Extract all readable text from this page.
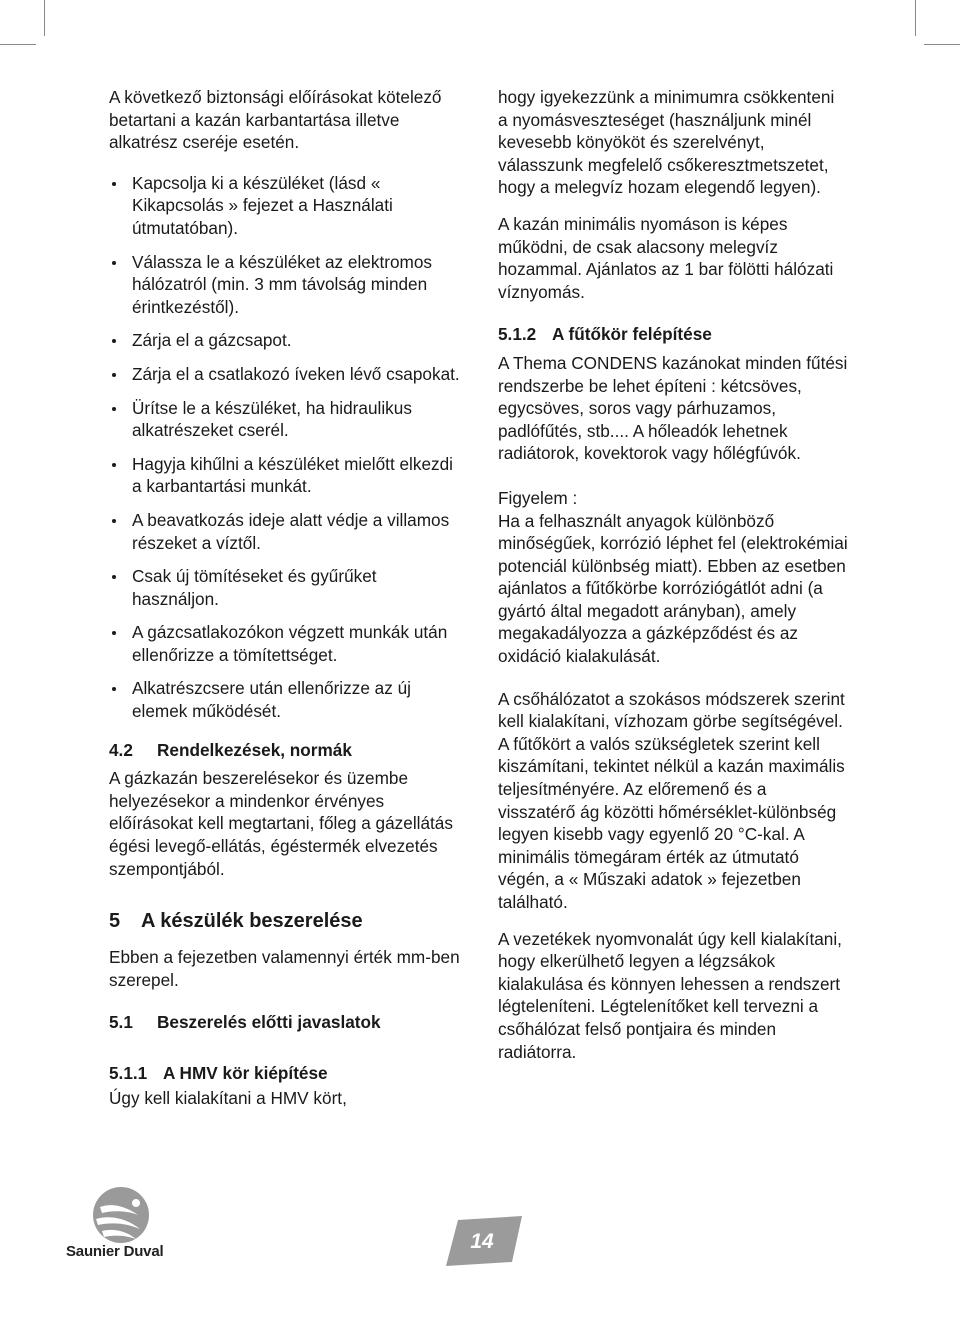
A következő biztonsági előírásokat kötelező betartani a kazán karbantartása illetve alkatrész cseréje esetén.

Kapcsolja ki a készüléket (lásd « Kikapcsolás » fejezet a Használati útmutatóban).
Válassza le a készüléket az elektromos hálózatról (min. 3 mm távolság minden érintkezéstől).
Zárja el a gázcsapot.
Zárja el a csatlakozó íveken lévő csapokat.
Ürítse le a készüléket, ha hidraulikus alkatrészeket cserél.
Hagyja kihűlni a készüléket mielőtt elkezdi a karbantartási munkát.
A beavatkozás ideje alatt védje a villamos részeket a víztől.
Csak új tömítéseket és gyűrűket használjon.
A gázcsatlakozókon végzett munkák után ellenőrizze a tömítettséget.
Alkatrészcsere után ellenőrizze az új elemek működését.
4.2	Rendelkezések, normák

A gázkazán beszerelésekor és üzembe helyezésekor a mindenkor érvényes előírásokat kell megtartani, főleg a gázellátás égési levegő-ellátás, égéstermék elvezetés szempontjából.

5	A készülék beszerelése

Ebben a fejezetben valamennyi érték mm-ben szerepel.

5.1	Beszerelés előtti javaslatok
5.1.1 A HMV kör kiépítése

Úgy kell kialakítani a HMV kört,

hogy igyekezzünk a minimumra csökkenteni a nyomásveszteséget (használjunk minél kevesebb könyököt és szerelvényt, válasszunk megfelelő csőkeresztmetszetet, hogy a melegvíz hozam elegendő legyen).

A kazán minimális nyomáson is képes működni, de csak alacsony melegvíz hozammal. Ajánlatos az 1 bar fölötti hálózati víznyomás.

5.1.2 A fűtőkör felépítése

A Thema CONDENS kazánokat minden fűtési rendszerbe be lehet építeni : kétcsöves, egycsöves, soros vagy párhuzamos, padlófűtés, stb.... A hőleadók lehetnek radiátorok, kovektorok vagy hőlégfúvók.

Figyelem :

Ha a felhasznált anyagok különböző minőségűek, korrózió léphet fel (elektrokémiai potenciál különbség miatt). Ebben az esetben ajánlatos a fűtőkörbe korróziógátlót adni (a gyártó által megadott arányban), amely megakadályozza a gázképződést és az oxidáció kialakulását.

A csőhálózatot a szokásos módszerek szerint kell kialakítani, vízhozam görbe segítségével. A fűtőkört a valós szükségletek szerint kell kiszámítani, tekintet nélkül a kazán maximális teljesítményére. Az előremenő és a visszatérő ág közötti hőmérséklet-különbség legyen kisebb vagy egyenlő 20 °C-kal. A minimális tömegáram érték az útmutató végén, a « Műszaki adatok » fejezetben található.

A vezetékek nyomvonalát úgy kell kialakítani, hogy elkerülhető legyen a légzsákok kialakulása és könnyen lehessen a rendszert légteleníteni. Légtelenítőket kell tervezni a csőhálózat felső pontjaira és minden radiátorra.

Saunier Duval	14
